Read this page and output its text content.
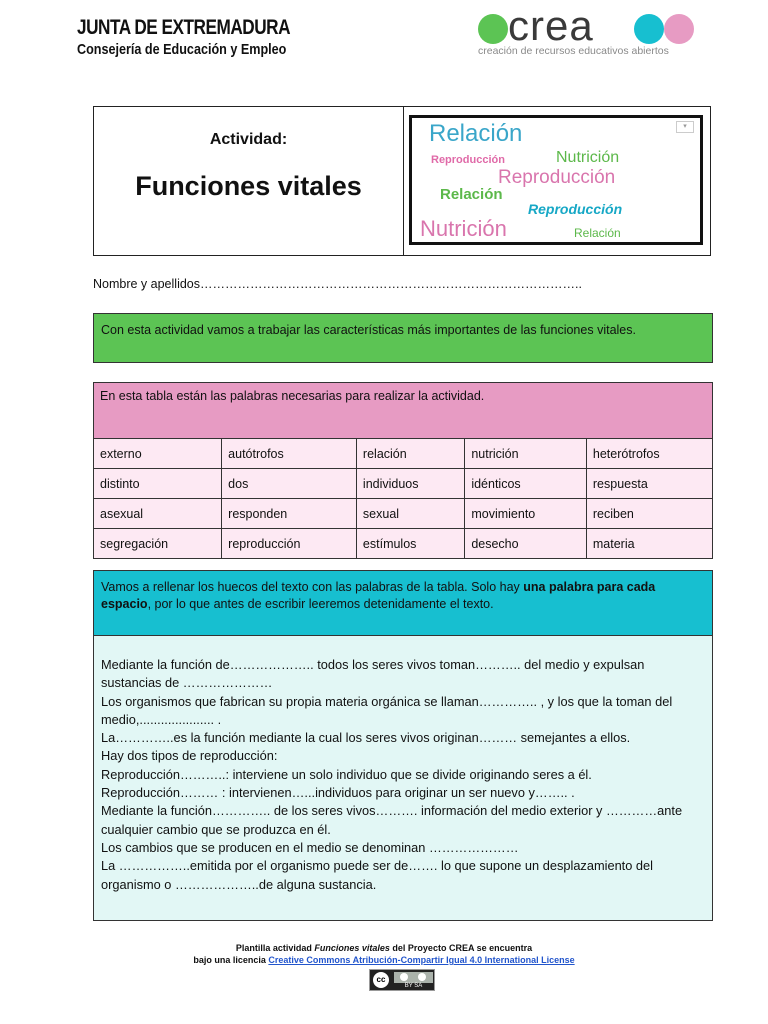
JUNTA DE EXTREMADURA
Consejería de Educación y Empleo
crea
creación de recursos educativos abiertos
Actividad:
Funciones vitales
▾
Relación
Reproducción	Nutrición
Reproducción
Relación
Reproducción
Nutrición	Relación
Nombre y apellidos………………………………………………………………………………..
Con esta actividad vamos a trabajar las características más importantes de las funciones vitales.
En esta tabla están las palabras necesarias para realizar la actividad.				
externo	autótrofos	relación	nutrición	heterótrofos
distinto	dos	individuos	idénticos	respuesta
asexual	responden	sexual	movimiento	reciben
segregación	reproducción	estímulos	desecho	materia
Vamos a rellenar los huecos del texto con las palabras de la tabla. Solo hay una palabra para cada espacio, por lo que antes de escribir leeremos detenidamente el texto.

Mediante la función de……………….. todos los seres vivos toman……….. del medio y expulsan sustancias de …………………

Los organismos que fabrican su propia materia orgánica se llaman………….. , y los que la toman del medio,..................... .

La…………..es la función mediante la cual los seres vivos originan……… semejantes a ellos.

Hay dos tipos de reproducción:

Reproducción………..: interviene un solo individuo que se divide originando seres a él.

Reproducción……… : intervienen…...individuos para originar un ser nuevo y…….. .

Mediante la función………….. de los seres vivos………. información del medio exterior y …………ante cualquier cambio que se produzca en él.

Los cambios que se producen en el medio se denominan …………………

La ……………..emitida por el organismo puede ser de……. lo que supone un desplazamiento del organismo o ………………..de alguna sustancia.

Plantilla actividad Funciones vitales del Proyecto CREA se encuentra
bajo una licencia Creative Commons Atribución-Compartir Igual 4.0 International License
cc
BY SA
